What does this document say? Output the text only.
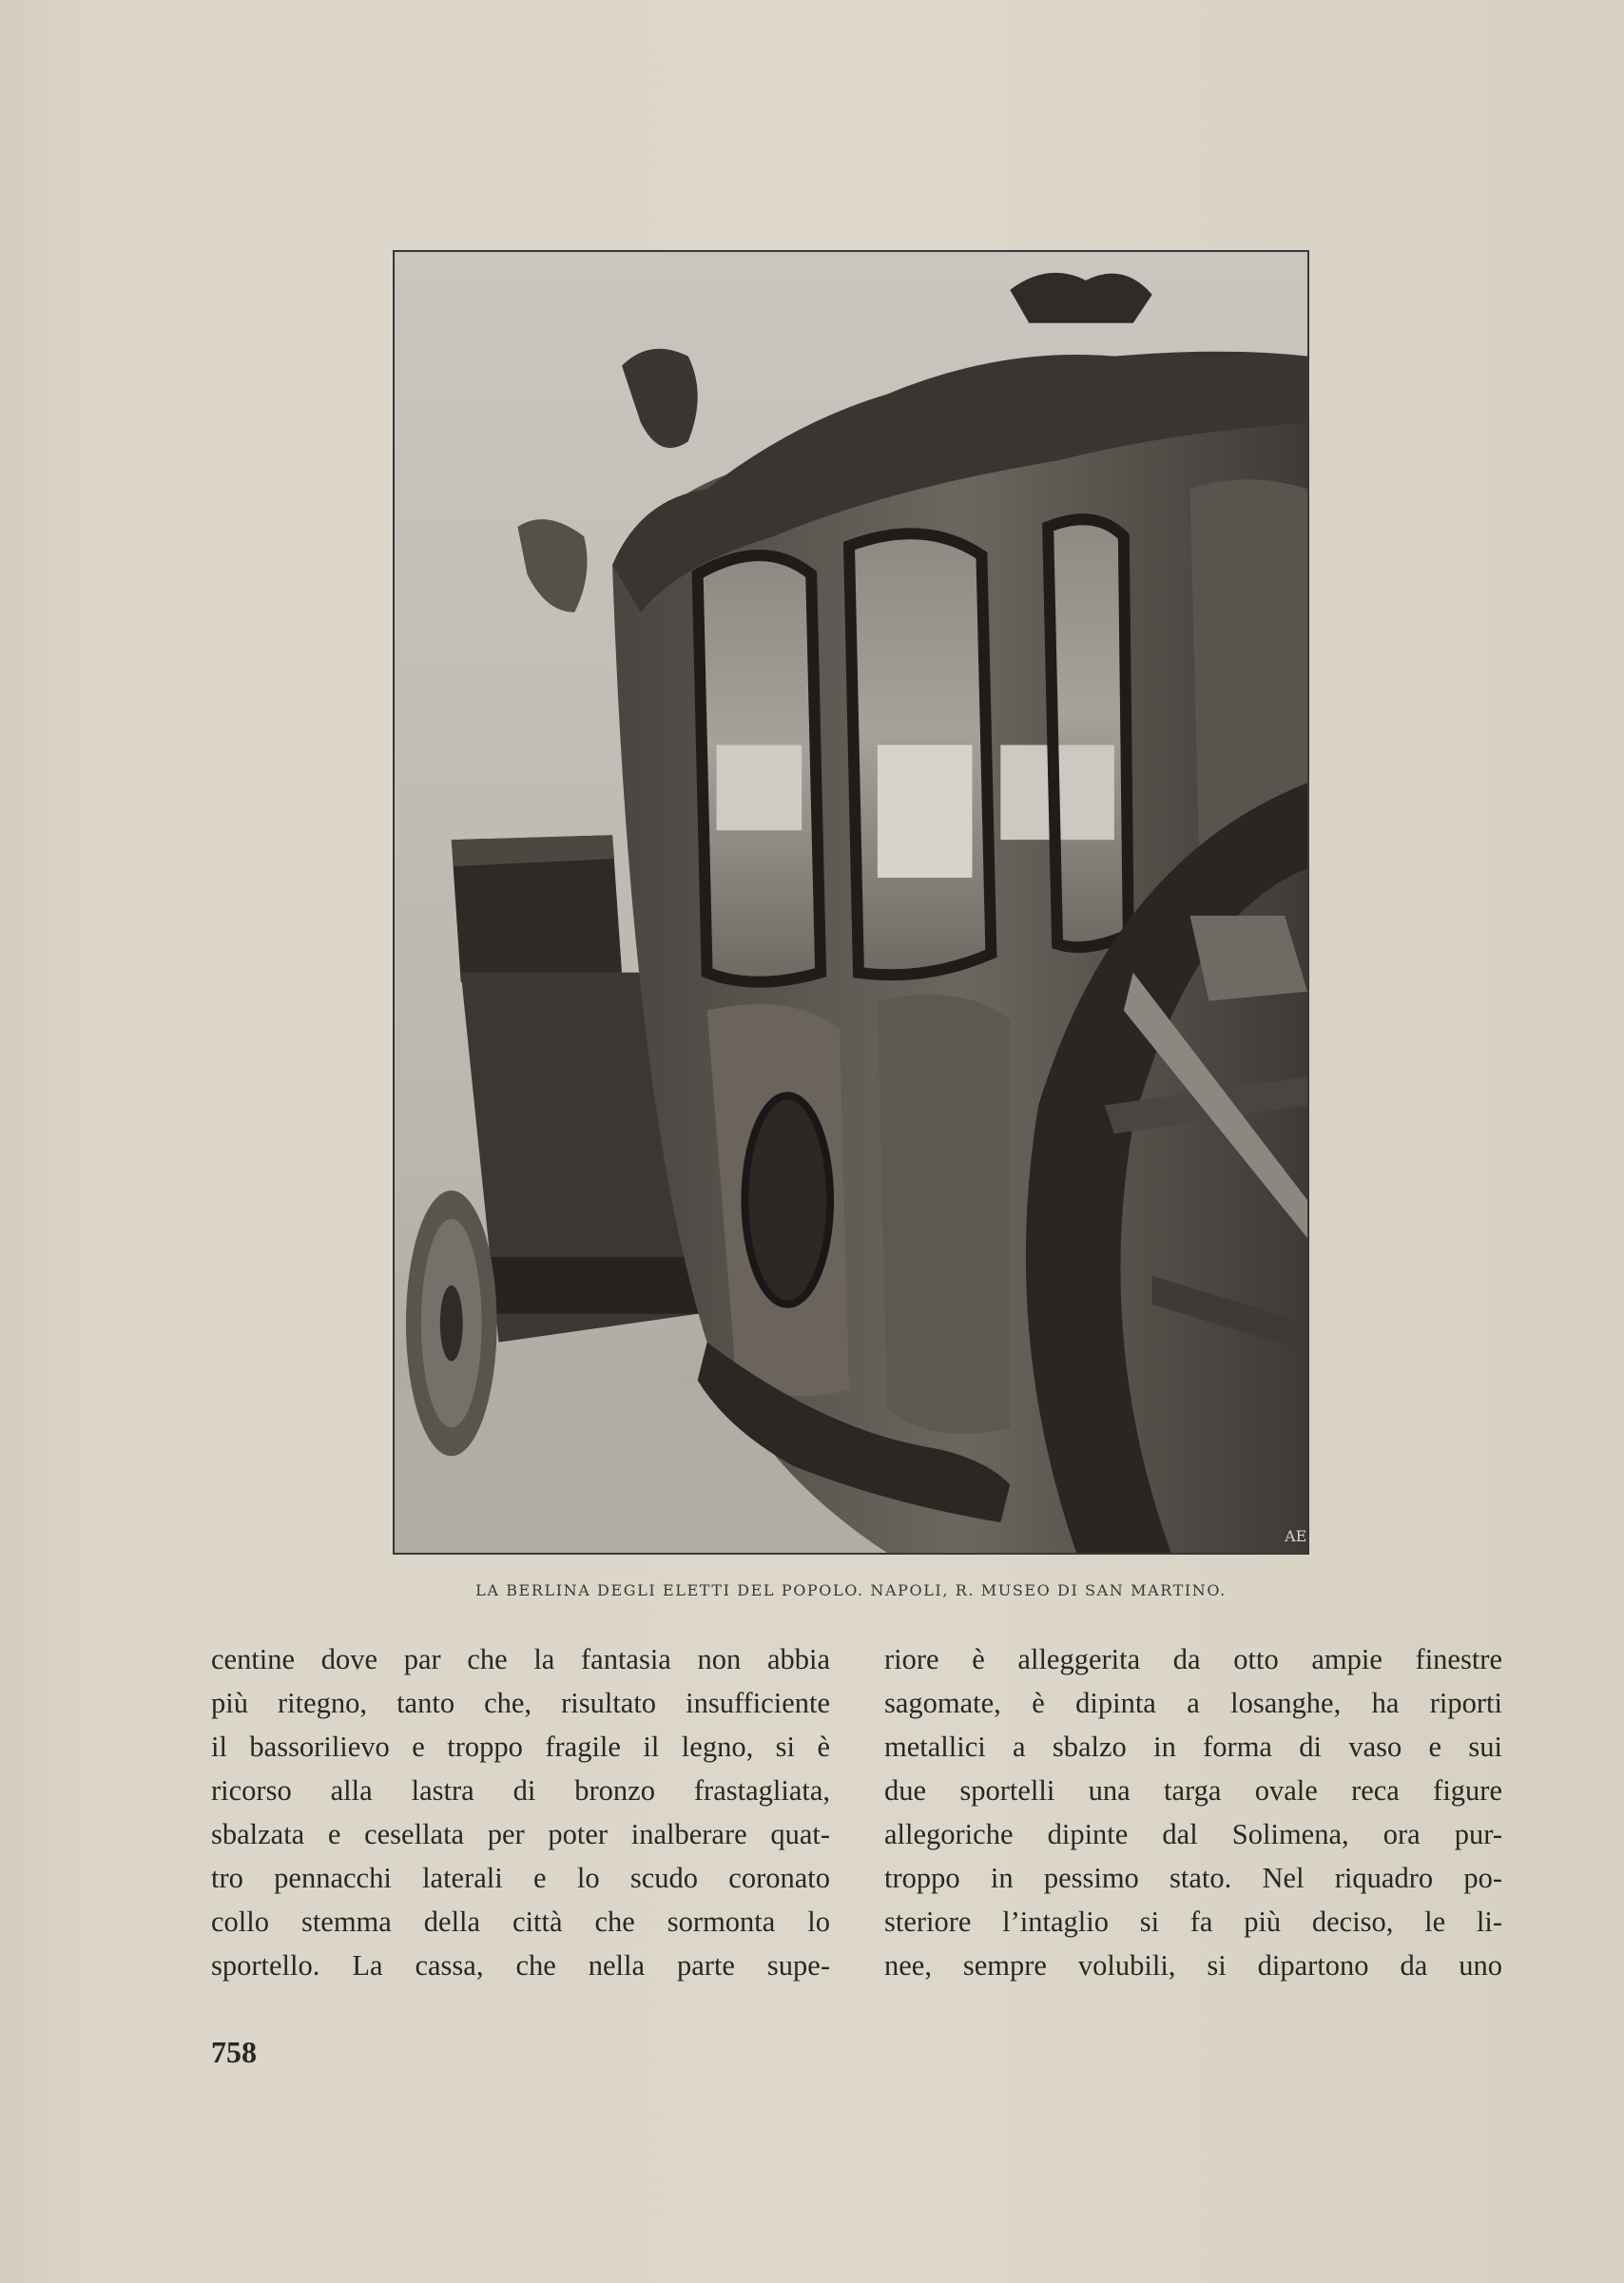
AE
LA BERLINA DEGLI ELETTI DEL POPOLO. NAPOLI, R. MUSEO DI SAN MARTINO.
centine dove par che la fantasia non abbia
più ritegno, tanto che, risultato insufficiente
il bassorilievo e troppo fragile il legno, si è
ricorso alla lastra di bronzo frastagliata,
sbalzata e cesellata per poter inalberare quat-
tro pennacchi laterali e lo scudo coronato
collo stemma della città che sormonta lo
sportello. La cassa, che nella parte supe-
riore è alleggerita da otto ampie finestre
sagomate, è dipinta a losanghe, ha riporti
metallici a sbalzo in forma di vaso e sui
due sportelli una targa ovale reca figure
allegoriche dipinte dal Solimena, ora pur-
troppo in pessimo stato. Nel riquadro po-
steriore l’intaglio si fa più deciso, le li-
nee, sempre volubili, si dipartono da uno
758
